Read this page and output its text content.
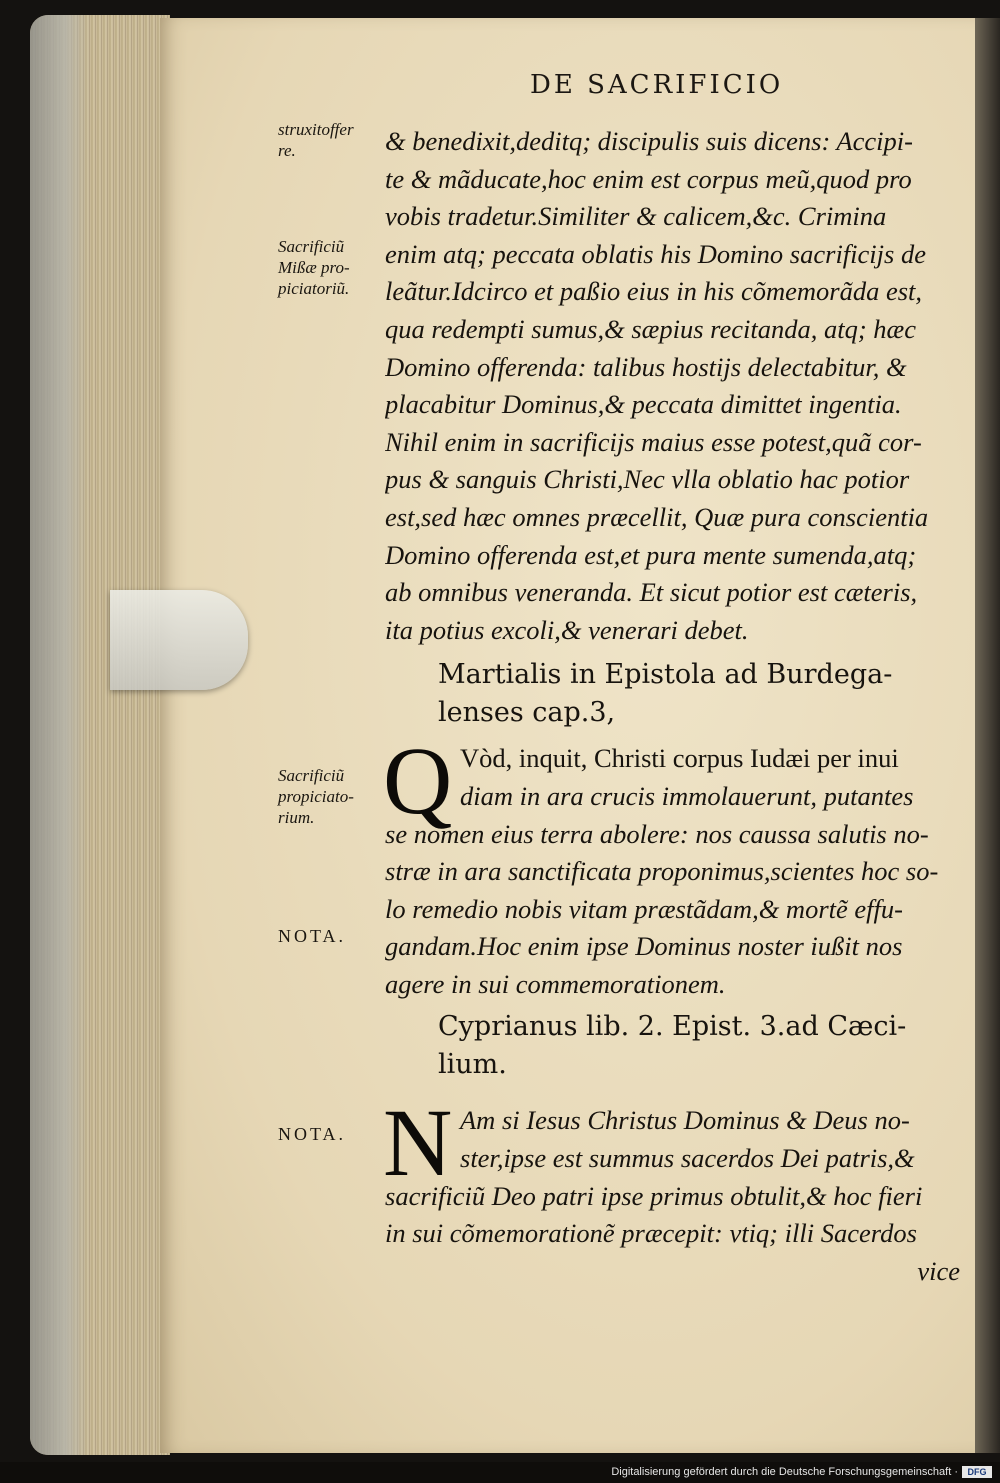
DE SACRIFICIO
struxitoffer
re.
Sacrificiũ
Mißæ pro-
piciatoriũ.
Sacrificiũ
propiciato-
rium.
NOTA.
NOTA.
& benedixit,deditq; discipulis suis dicens: Accipi-
te & mãducate,hoc enim est corpus meũ,quod pro
vobis tradetur.Similiter & calicem,&c. Crimina
enim atq; peccata oblatis his Domino sacrificijs de
leãtur.Idcirco et paßio eius in his cõmemorãda est,
qua redempti sumus,& sæpius recitanda, atq; hæc
Domino offerenda: talibus hostijs delectabitur, &
placabitur Dominus,& peccata dimittet ingentia.
Nihil enim in sacrificijs maius esse potest,quã cor-
pus & sanguis Christi,Nec vlla oblatio hac potior
est,sed hæc omnes præcellit, Quæ pura conscientia
Domino offerenda est,et pura mente sumenda,atq;
ab omnibus veneranda. Et sicut potior est cæteris,
ita potius excoli,& venerari debet.
Martialis in Epistola ad Burdega-
lenses cap.3,
Q Vòd, inquit, Christi corpus Iudæi per inui
diam in ara crucis immolauerunt, putantes
se nomen eius terra abolere: nos caussa salutis no-
stræ in ara sanctificata proponimus,scientes hoc so-
lo remedio nobis vitam præstãdam,& mortẽ effu-
gandam.Hoc enim ipse Dominus noster iußit nos
agere in sui commemorationem.
Cyprianus lib. 2. Epist. 3.ad Cæci-
lium.
N Am si Iesus Christus Dominus & Deus no-
ster,ipse est summus sacerdos Dei patris,&
sacrificiũ Deo patri ipse primus obtulit,& hoc fieri
in sui cõmemorationẽ præcepit: vtiq; illi Sacerdos
vice
Digitalisierung gefördert durch die Deutsche Forschungsgemeinschaft ·	DFG
